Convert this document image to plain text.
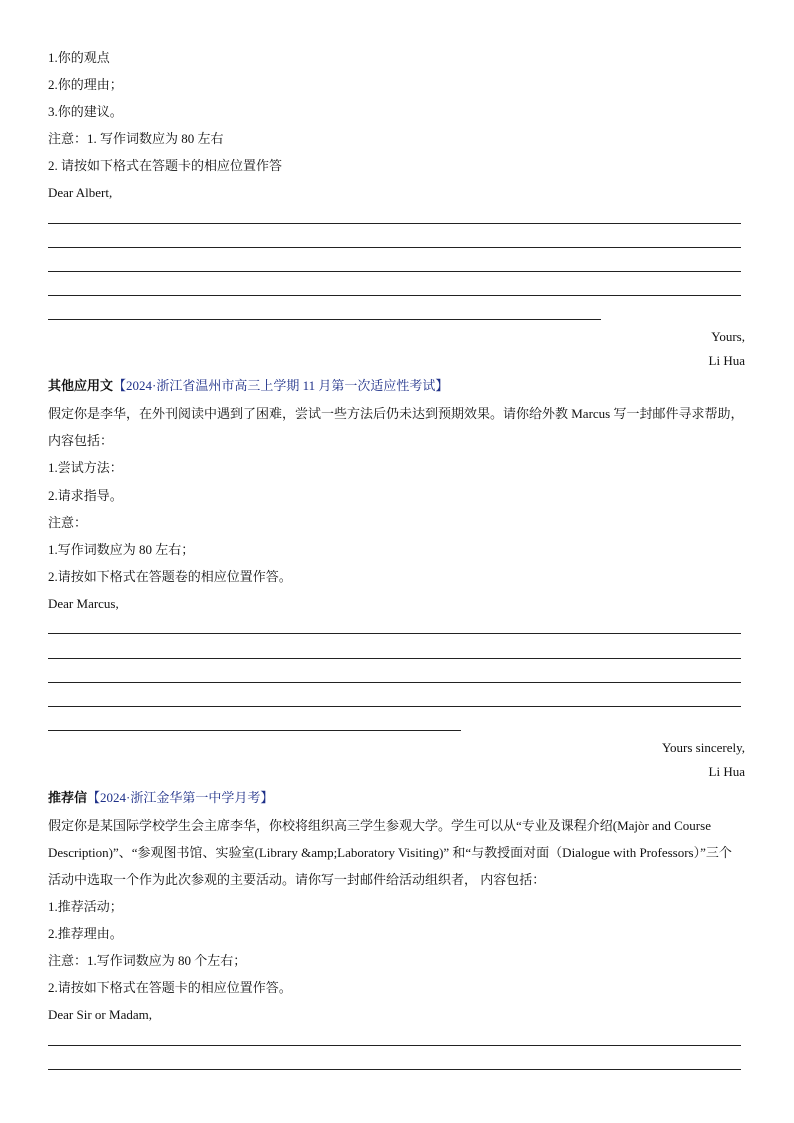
1.你的观点
2.你的理由；
3.你的建议。
注意：1. 写作词数应为 80 左右
2. 请按如下格式在答题卡的相应位置作答
Dear Albert,
Yours,
Li Hua
其他应用文【2024·浙江省温州市高三上学期 11 月第一次适应性考试】
假定你是李华，在外刊阅读中遇到了困难，尝试一些方法后仍未达到预期效果。请你给外教 Marcus 写一封邮件寻求帮助，内容包括：
1.尝试方法：
2.请求指导。
注意：
1.写作词数应为 80 左右；
2.请按如下格式在答题卷的相应位置作答。
Dear Marcus,
Yours sincerely,
Li Hua
推荐信【2024·浙江金华第一中学月考】
假定你是某国际学校学生会主席李华，你校将组织高三学生参观大学。学生可以从“专业及课程介绍(Majòr and Course Description)”、“参观图书馆、实验室(Library &amp;Laboratory Visiting)” 和“与教授面对面（Dialogue with Professors）”三个活动中选取一个作为此次参观的主要活动。请你写一封邮件给活动组织者， 内容包括：
1.推荐活动；
2.推荐理由。
注意：1.写作词数应为 80 个左右；
2.请按如下格式在答题卡的相应位置作答。
Dear Sir or Madam,
